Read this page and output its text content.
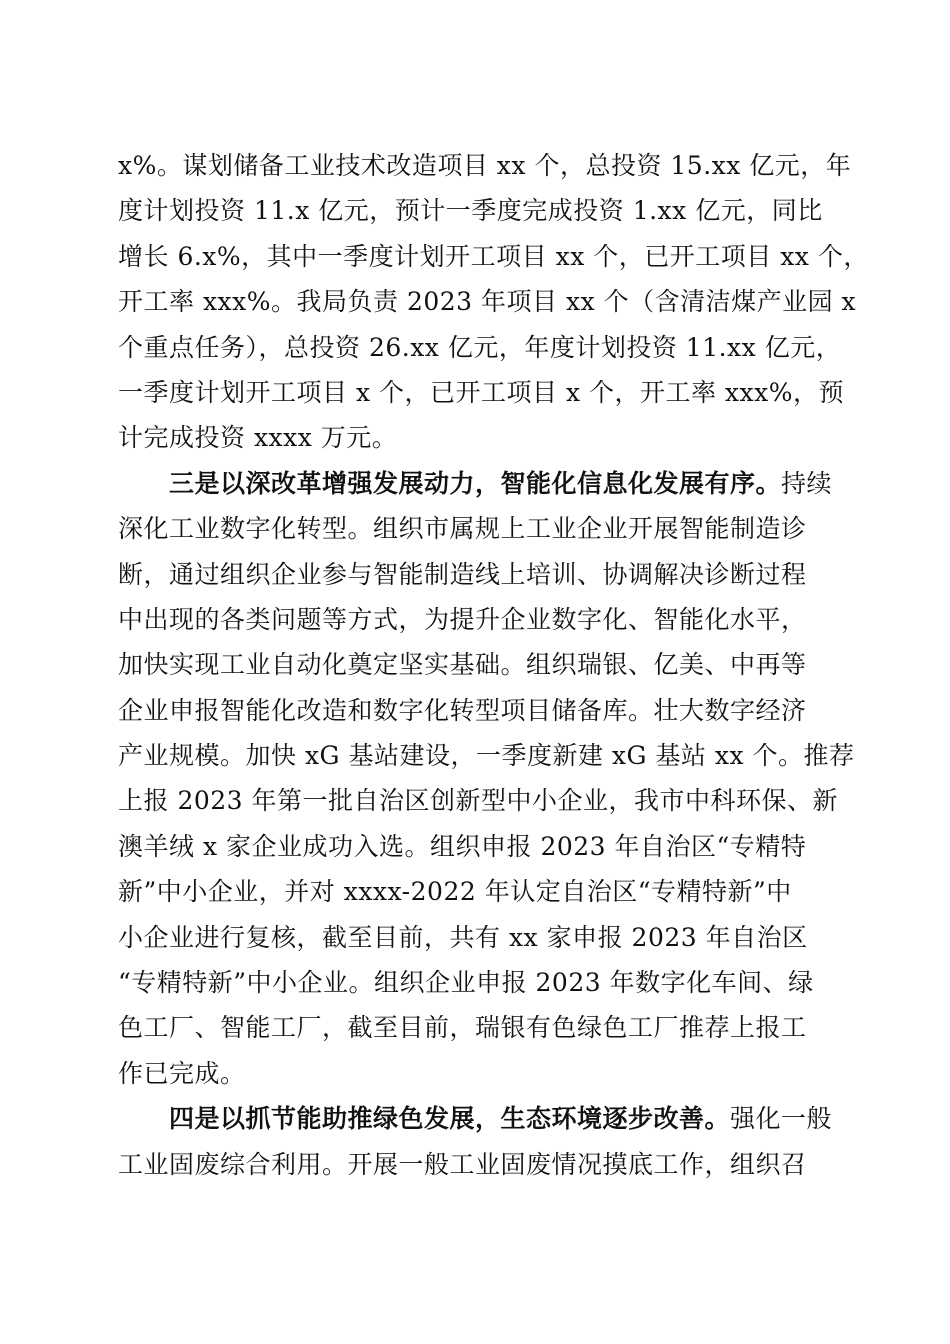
x%。谋划储备工业技术改造项目 xx 个，总投资 15.xx 亿元，年
度计划投资 11.x 亿元，预计一季度完成投资 1.xx 亿元，同比
增长 6.x%，其中一季度计划开工项目 xx 个，已开工项目 xx 个，
开工率 xxx%。我局负责 2023 年项目 xx 个（含清洁煤产业园 x
个重点任务），总投资 26.xx 亿元，年度计划投资 11.xx 亿元，
一季度计划开工项目 x 个，已开工项目 x 个，开工率 xxx%，预
计完成投资 xxxx 万元。
　　三是以深改革增强发展动力，智能化信息化发展有序。持续
深化工业数字化转型。组织市属规上工业企业开展智能制造诊
断，通过组织企业参与智能制造线上培训、协调解决诊断过程
中出现的各类问题等方式，为提升企业数字化、智能化水平，
加快实现工业自动化奠定坚实基础。组织瑞银、亿美、中再等
企业申报智能化改造和数字化转型项目储备库。壮大数字经济
产业规模。加快 xG 基站建设，一季度新建 xG 基站 xx 个。推荐
上报 2023 年第一批自治区创新型中小企业，我市中科环保、新
澳羊绒 x 家企业成功入选。组织申报 2023 年自治区“专精特
新”中小企业，并对 xxxx-2022 年认定自治区“专精特新”中
小企业进行复核，截至目前，共有 xx 家申报 2023 年自治区
“专精特新”中小企业。组织企业申报 2023 年数字化车间、绿
色工厂、智能工厂，截至目前，瑞银有色绿色工厂推荐上报工
作已完成。
　　四是以抓节能助推绿色发展，生态环境逐步改善。强化一般
工业固废综合利用。开展一般工业固废情况摸底工作，组织召
